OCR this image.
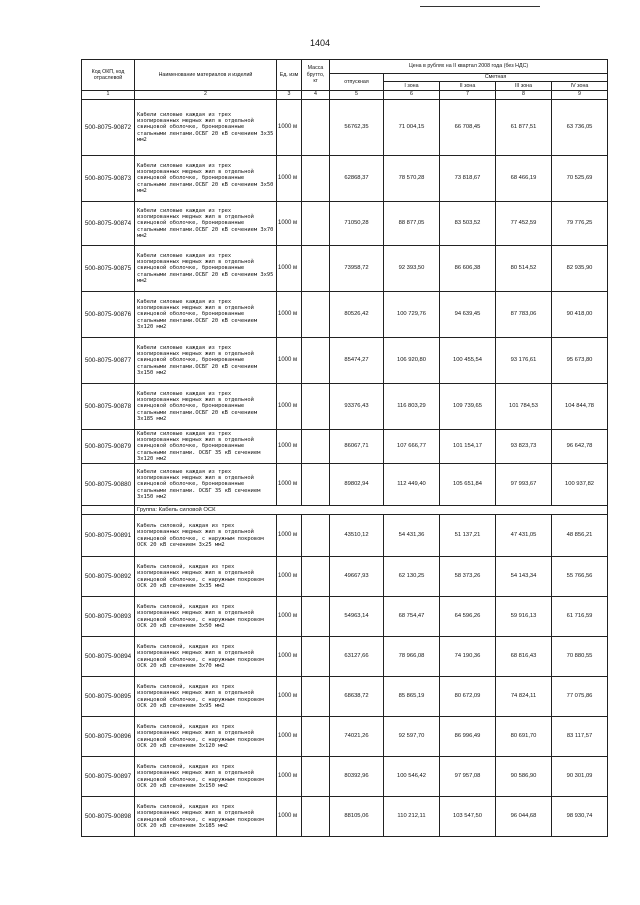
1404
Код ОКП, код отраслевой	Наименование материалов и изделий	Ед. изм	Масса брутто, кг	Цена в рублях на II квартал 2008 года (без НДС)				
				отпускная	Сметная			
					I зона	II зона	III зона	IV зона
1	2	3	4	5	6	7	8	9
500-8075-90872	Кабели силовые каждая из трех изолированных медных жил в отдельной свинцовой оболочке, бронированные стальными лентами.ОСБГ 20 кВ сечением 3х35 мм2	1000 м		56762,35	71 004,15	66 708,45	61 877,51	63 736,05
500-8075-90873	Кабели силовые каждая из трех изолированных медных жил в отдельной свинцовой оболочке, бронированные стальными лентами.ОСБГ 20 кВ сечением 3х50 мм2	1000 м		62868,37	78 570,28	73 818,67	68 466,19	70 525,69
500-8075-90874	Кабели силовые каждая из трех изолированных медных жил в отдельной свинцовой оболочке, бронированные стальными лентами.ОСБГ 20 кВ сечением 3х70 мм2	1000 м		71050,28	88 877,05	83 503,52	77 452,59	79 776,25
500-8075-90875	Кабели силовые каждая из трех изолированных медных жил в отдельной свинцовой оболочке, бронированные стальными лентами.ОСБГ 20 кВ сечением 3х95 мм2	1000 м		73958,72	92 393,50	86 606,38	80 514,52	82 935,90
500-8075-90876	Кабели силовые каждая из трех изолированных медных жил в отдельной свинцовой оболочке, бронированные стальными лентами.ОСБГ 20 кВ сечением 3х120 мм2	1000 м		80526,42	100 729,76	94 639,45	87 783,06	90 418,00
500-8075-90877	Кабели силовые каждая из трех изолированных медных жил в отдельной свинцовой оболочке, бронированные стальными лентами.ОСБГ 20 кВ сечением 3х150 мм2	1000 м		85474,27	106 920,80	100 455,54	93 176,61	95 673,80
500-8075-90878	Кабели силовые каждая из трех изолированных медных жил в отдельной свинцовой оболочке, бронированные стальными лентами.ОСБГ 20 кВ сечением 3х185 мм2	1000 м		93376,43	116 803,29	109 739,65	101 784,53	104 844,78
500-8075-90879	Кабели силовые каждая из трех изолированных медных жил в отдельной свинцовой оболочке, бронированные стальными лентами. ОСБГ 35 кВ сечением 3х120 мм2	1000 м		86067,71	107 666,77	101 154,17	93 823,73	96 642,78
500-8075-90880	Кабели силовые каждая из трех изолированных медных жил в отдельной свинцовой оболочке, бронированные стальными лентами. ОСБГ 35 кВ сечением 3х150 мм2	1000 м		89802,94	112 449,40	105 651,84	97 993,67	100 937,82
	Группа: Кабель силовой ОСК							
500-8075-90891	Кабель силовой, каждая из трех изолированных медных жил в отдельной свинцовой оболочке, с наружным покровом ОСК 20 кВ сечением 3х25 мм2	1000 м		43510,12	54 431,36	51 137,21	47 431,05	48 856,21
500-8075-90892	Кабель силовой, каждая из трех изолированных медных жил в отдельной свинцовой оболочке, с наружным покровом ОСК 20 кВ сечением 3х35 мм2	1000 м		49667,93	62 130,25	58 373,26	54 143,34	55 766,56
500-8075-90893	Кабель силовой, каждая из трех изолированных медных жил в отдельной свинцовой оболочке, с наружным покровом ОСК 20 кВ сечением 3х50 мм2	1000 м		54963,14	68 754,47	64 596,26	59 916,13	61 716,59
500-8075-90894	Кабель силовой, каждая из трех изолированных медных жил в отдельной свинцовой оболочке, с наружным покровом ОСК 20 кВ сечением 3х70 мм2	1000 м		63127,66	78 966,08	74 190,36	68 816,43	70 880,55
500-8075-90895	Кабель силовой, каждая из трех изолированных медных жил в отдельной свинцовой оболочке, с наружным покровом ОСК 20 кВ сечением 3х95 мм2	1000 м		68638,72	85 865,19	80 672,09	74 824,11	77 075,86
500-8075-90896	Кабель силовой, каждая из трех изолированных медных жил в отдельной свинцовой оболочке, с наружным покровом ОСК 20 кВ сечением 3х120 мм2	1000 м		74021,26	92 597,70	86 996,49	80 691,70	83 117,57
500-8075-90897	Кабель силовой, каждая из трех изолированных медных жил в отдельной свинцовой оболочке, с наружным покровом ОСК 20 кВ сечением 3х150 мм2	1000 м		80392,96	100 546,42	97 957,08	90 586,90	90 301,09
500-8075-90898	Кабель силовой, каждая из трех изолированных медных жил в отдельной свинцовой оболочке, с наружным покровом ОСК 20 кВ сечением 3х185 мм2	1000 м		88105,06	110 212,11	103 547,50	96 044,68	98 930,74
